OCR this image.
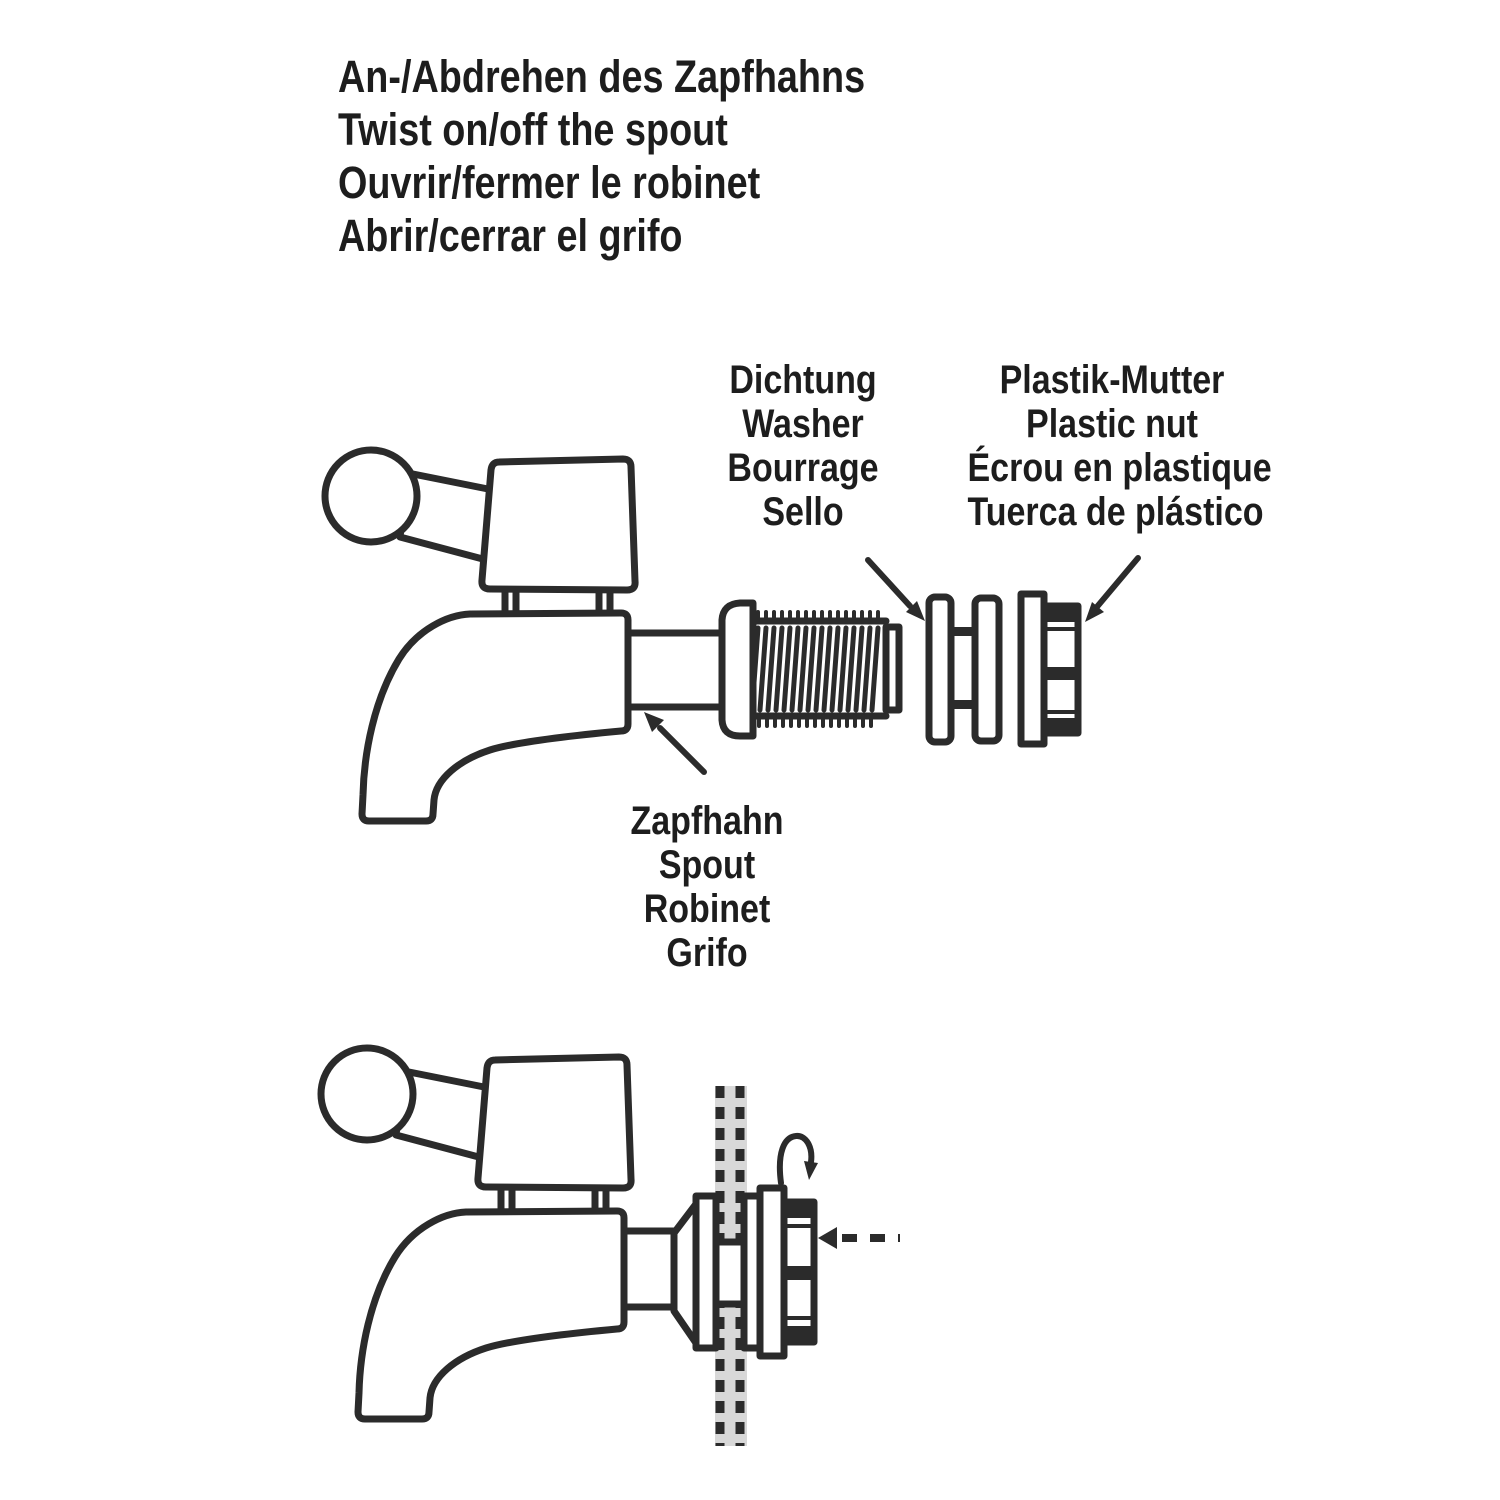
An-/Abdrehen des Zapfhahns
Twist on/off the spout
Ouvrir/fermer le robinet
Abrir/cerrar el grifo
Dichtung
Washer
Bourrage
Sello
Plastik-Mutter
Plastic nut
Écrou en plastique
Tuerca de plástico
Zapfhahn
Spout
Robinet
Grifo
